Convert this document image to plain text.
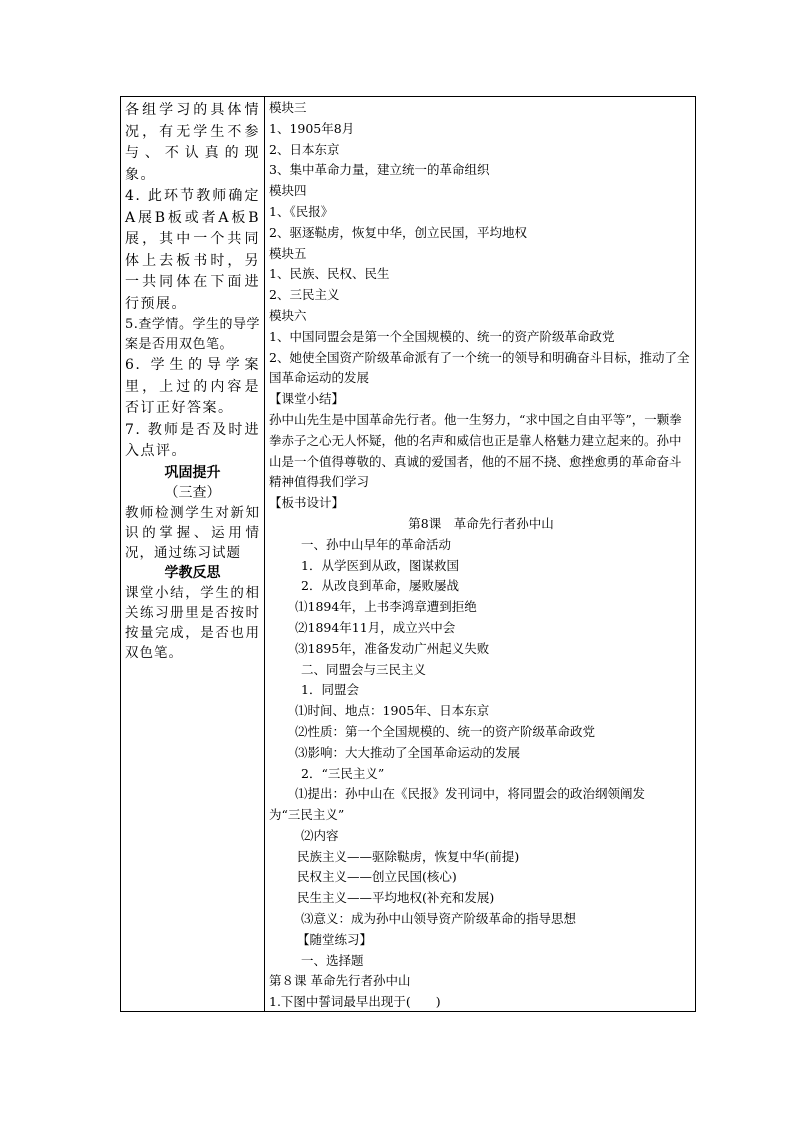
各组学习的具体情况，有无学生不参与、不认真的现象。

4. 此环节教师确定A展B板或者A板B展，其中一个共同体上去板书时，另一共同体在下面进行预展。

5.查学情。学生的导学案是否用双色笔。

6. 学生的导学案里，上过的内容是否订正好答案。

7. 教师是否及时进入点评。

巩固提升

（三查）

教师检测学生对新知识的掌握、运用情况，通过练习试题

学教反思

课堂小结，学生的相关练习册里是否按时按量完成，是否也用双色笔。

模块三

1、1905年8月

2、日本东京

3、集中革命力量，建立统一的革命组织

模块四

1、《民报》

2、驱逐鞑虏，恢复中华，创立民国，平均地权

模块五

1、民族、民权、民生

2、三民主义

模块六

1、中国同盟会是第一个全国规模的、统一的资产阶级革命政党

2、她使全国资产阶级革命派有了一个统一的领导和明确奋斗目标，推动了全国革命运动的发展

【课堂小结】

孙中山先生是中国革命先行者。他一生努力，“求中国之自由平等”，一颗拳拳赤子之心无人怀疑，他的名声和威信也正是靠人格魅力建立起来的。孙中山是一个值得尊敬的、真诚的爱国者，他的不屈不挠、愈挫愈勇的革命奋斗精神值得我们学习

【板书设计】

第8课　革命先行者孙中山

一、孙中山早年的革命活动

1．从学医到从政，图谋救国

2．从改良到革命，屡败屡战

⑴1894年，上书李鸿章遭到拒绝

⑵1894年11月，成立兴中会

⑶1895年，准备发动广州起义失败

二、同盟会与三民主义

1．同盟会

⑴时间、地点：1905年、日本东京

⑵性质：第一个全国规模的、统一的资产阶级革命政党

⑶影响：大大推动了全国革命运动的发展

2．“三民主义”

⑴提出：孙中山在《民报》发刊词中，将同盟会的政治纲领阐发

为“三民主义”

⑵内容

民族主义——驱除鞑虏，恢复中华(前提)

民权主义——创立民国(核心)

民生主义——平均地权(补充和发展)

⑶意义：成为孙中山领导资产阶级革命的指导思想

【随堂练习】

一、选择题

第８课 革命先行者孙中山

1.下图中誓词最早出现于(　　)
